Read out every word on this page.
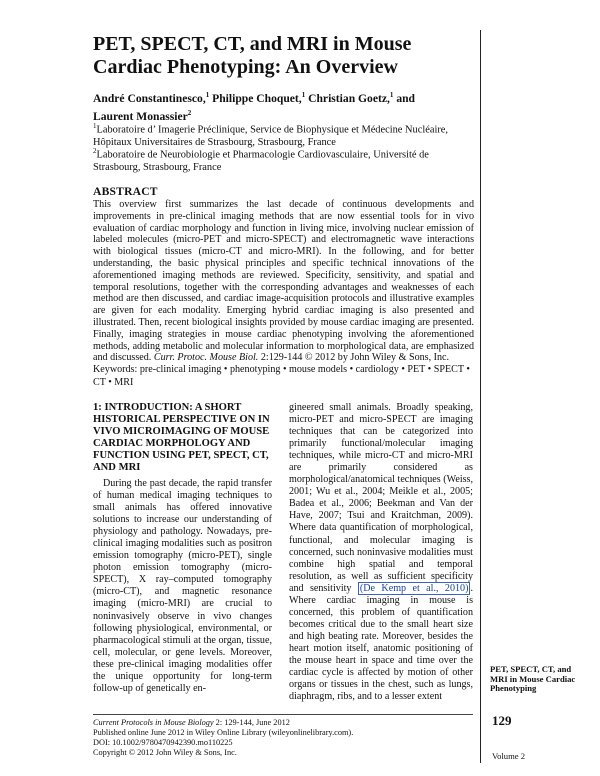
PET, SPECT, CT, and MRI in Mouse Cardiac Phenotyping: An Overview
André Constantinesco,$^1$ Philippe Choquet,$^1$ Christian Goetz,$^1$ and
Laurent Monassier$^2$
$^1$Laboratoire d’ Imagerie Préclinique, Service de Biophysique et Médecine Nucléaire, Hôpitaux Universitaires de Strasbourg, Strasbourg, France
$^2$Laboratoire de Neurobiologie et Pharmacologie Cardiovasculaire, Université de Strasbourg, Strasbourg, France
ABSTRACT

This overview first summarizes the last decade of continuous developments and improvements in pre-clinical imaging methods that are now essential tools for in vivo evaluation of cardiac morphology and function in living mice, involving nuclear emission of labeled molecules (micro-PET and micro-SPECT) and electromagnetic wave interactions with biological tissues (micro-CT and micro-MRI). In the following, and for better understanding, the basic physical principles and specific technical innovations of the aforementioned imaging methods are reviewed. Specificity, sensitivity, and spatial and temporal resolutions, together with the corresponding advantages and weaknesses of each method are then discussed, and cardiac image-acquisition protocols and illustrative examples are given for each modality. Emerging hybrid cardiac imaging is also presented and illustrated. Then, recent biological insights provided by mouse cardiac imaging are presented. Finally, imaging strategies in mouse cardiac phenotyping involving the aforementioned methods, adding metabolic and molecular information to morphological data, are emphasized and discussed. Curr. Protoc. Mouse Biol. 2:129-144 © 2012 by John Wiley & Sons, Inc.

Keywords: pre-clinical imaging • phenotyping • mouse models • cardiology • PET • SPECT • CT • MRI
1: INTRODUCTION: A SHORT HISTORICAL PERSPECTIVE ON IN VIVO MICROIMAGING OF MOUSE CARDIAC MORPHOLOGY AND FUNCTION USING PET, SPECT, CT, AND MRI

During the past decade, the rapid transfer of human medical imaging techniques to small animals has offered innovative solutions to increase our understanding of physiology and pathology. Nowadays, pre-clinical imaging modalities such as positron emission tomography (micro-PET), single photon emission tomography (micro-SPECT), X ray–computed tomography (micro-CT), and magnetic resonance imaging (micro-MRI) are crucial to noninvasively observe in vivo changes following physiological, environmental, or pharmacological stimuli at the organ, tissue, cell, molecular, or gene levels. Moreover, these pre-clinical imaging modalities offer the unique opportunity for long-term follow-up of genetically en-

gineered small animals. Broadly speaking, micro-PET and micro-SPECT are imaging techniques that can be categorized into primarily functional/molecular imaging techniques, while micro-CT and micro-MRI are primarily considered as morphological/anatomical techniques (Weiss, 2001; Wu et al., 2004; Meikle et al., 2005; Badea et al., 2006; Beekman and Van der Have, 2007; Tsui and Kraitchman, 2009). Where data quantification of morphological, functional, and molecular imaging is concerned, such noninvasive modalities must combine high spatial and temporal resolution, as well as sufficient specificity and sensitivity (De Kemp et al., 2010) . Where cardiac imaging in mouse is concerned, this problem of quantification becomes critical due to the small heart size and high beating rate. Moreover, besides the heart motion itself, anatomic positioning of the mouse heart in space and time over the cardiac cycle is affected by motion of other organs or tissues in the chest, such as lungs, diaphragm, ribs, and to a lesser extent

PET, SPECT, CT, and MRI in Mouse Cardiac Phenotyping
129
Volume 2
Current Protocols in Mouse Biology 2: 129-144, June 2012
Published online June 2012 in Wiley Online Library (wileyonlinelibrary.com).
DOI: 10.1002/9780470942390.mo110225
Copyright © 2012 John Wiley & Sons, Inc.
